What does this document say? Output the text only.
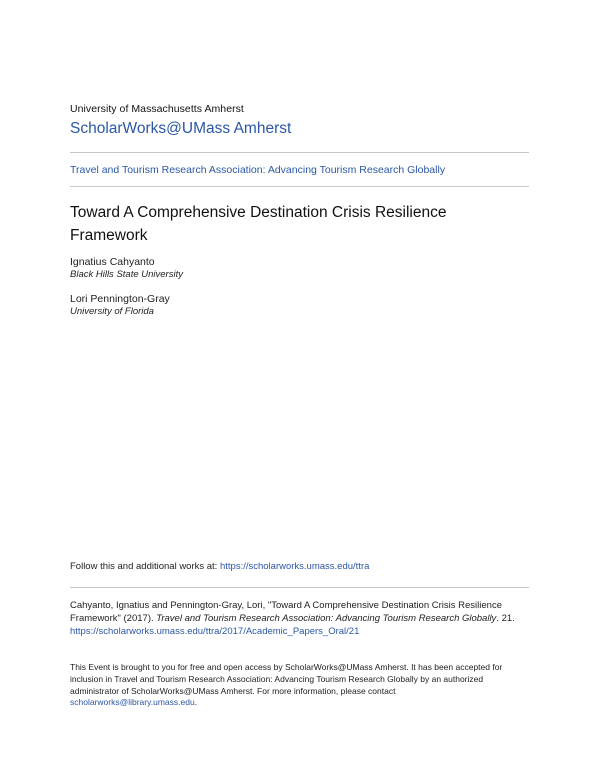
University of Massachusetts Amherst
ScholarWorks@UMass Amherst
Travel and Tourism Research Association: Advancing Tourism Research Globally
Toward A Comprehensive Destination Crisis Resilience
Framework
Ignatius Cahyanto
Black Hills State University
Lori Pennington-Gray
University of Florida
Follow this and additional works at: https://scholarworks.umass.edu/ttra
Cahyanto, Ignatius and Pennington-Gray, Lori, "Toward A Comprehensive Destination Crisis Resilience Framework" (2017). Travel and Tourism Research Association: Advancing Tourism Research Globally. 21.
https://scholarworks.umass.edu/ttra/2017/Academic_Papers_Oral/21
This Event is brought to you for free and open access by ScholarWorks@UMass Amherst. It has been accepted for inclusion in Travel and Tourism Research Association: Advancing Tourism Research Globally by an authorized administrator of ScholarWorks@UMass Amherst. For more information, please contact
scholarworks@library.umass.edu.
